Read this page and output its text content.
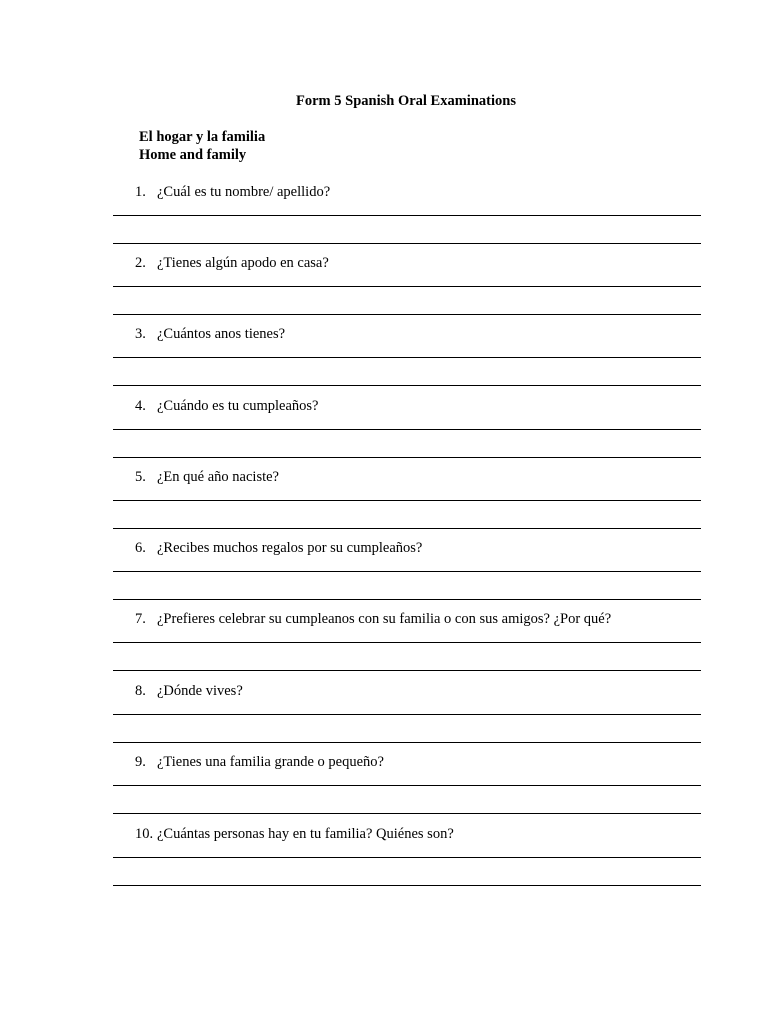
Form 5 Spanish Oral Examinations
El hogar y la familia
Home and family
1. ¿Cuál es tu nombre/ apellido?
2. ¿Tienes algún apodo en casa?
3. ¿Cuántos anos tienes?
4. ¿Cuándo es tu cumpleaños?
5. ¿En qué año naciste?
6. ¿Recibes muchos regalos por su cumpleaños?
7. ¿Prefieres celebrar su cumpleanos con su familia o con sus amigos? ¿Por qué?
8. ¿Dónde vives?
9. ¿Tienes una familia grande o pequeño?
10. ¿Cuántas personas hay en tu familia? Quiénes son?
